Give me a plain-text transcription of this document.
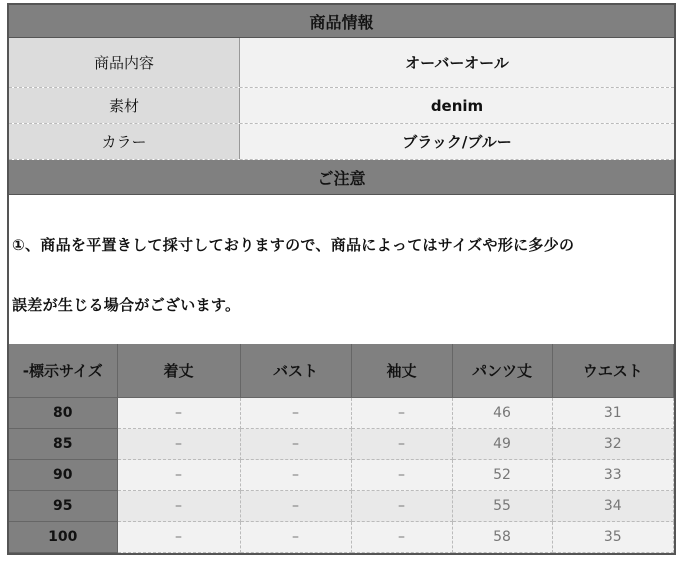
商品情報
商品内容	オーバーオール
素材	denim
カラー	ブラック/ブルー
ご注意

①、商品を平置きして採寸しておりますので、商品によってはサイズや形に多少の

誤差が生じる場合がございます。

-標示サイズ	着丈	バスト	袖丈	パンツ丈	ウエスト
80	–	–	–	46	31
85	–	–	–	49	32
90	–	–	–	52	33
95	–	–	–	55	34
100	–	–	–	58	35
